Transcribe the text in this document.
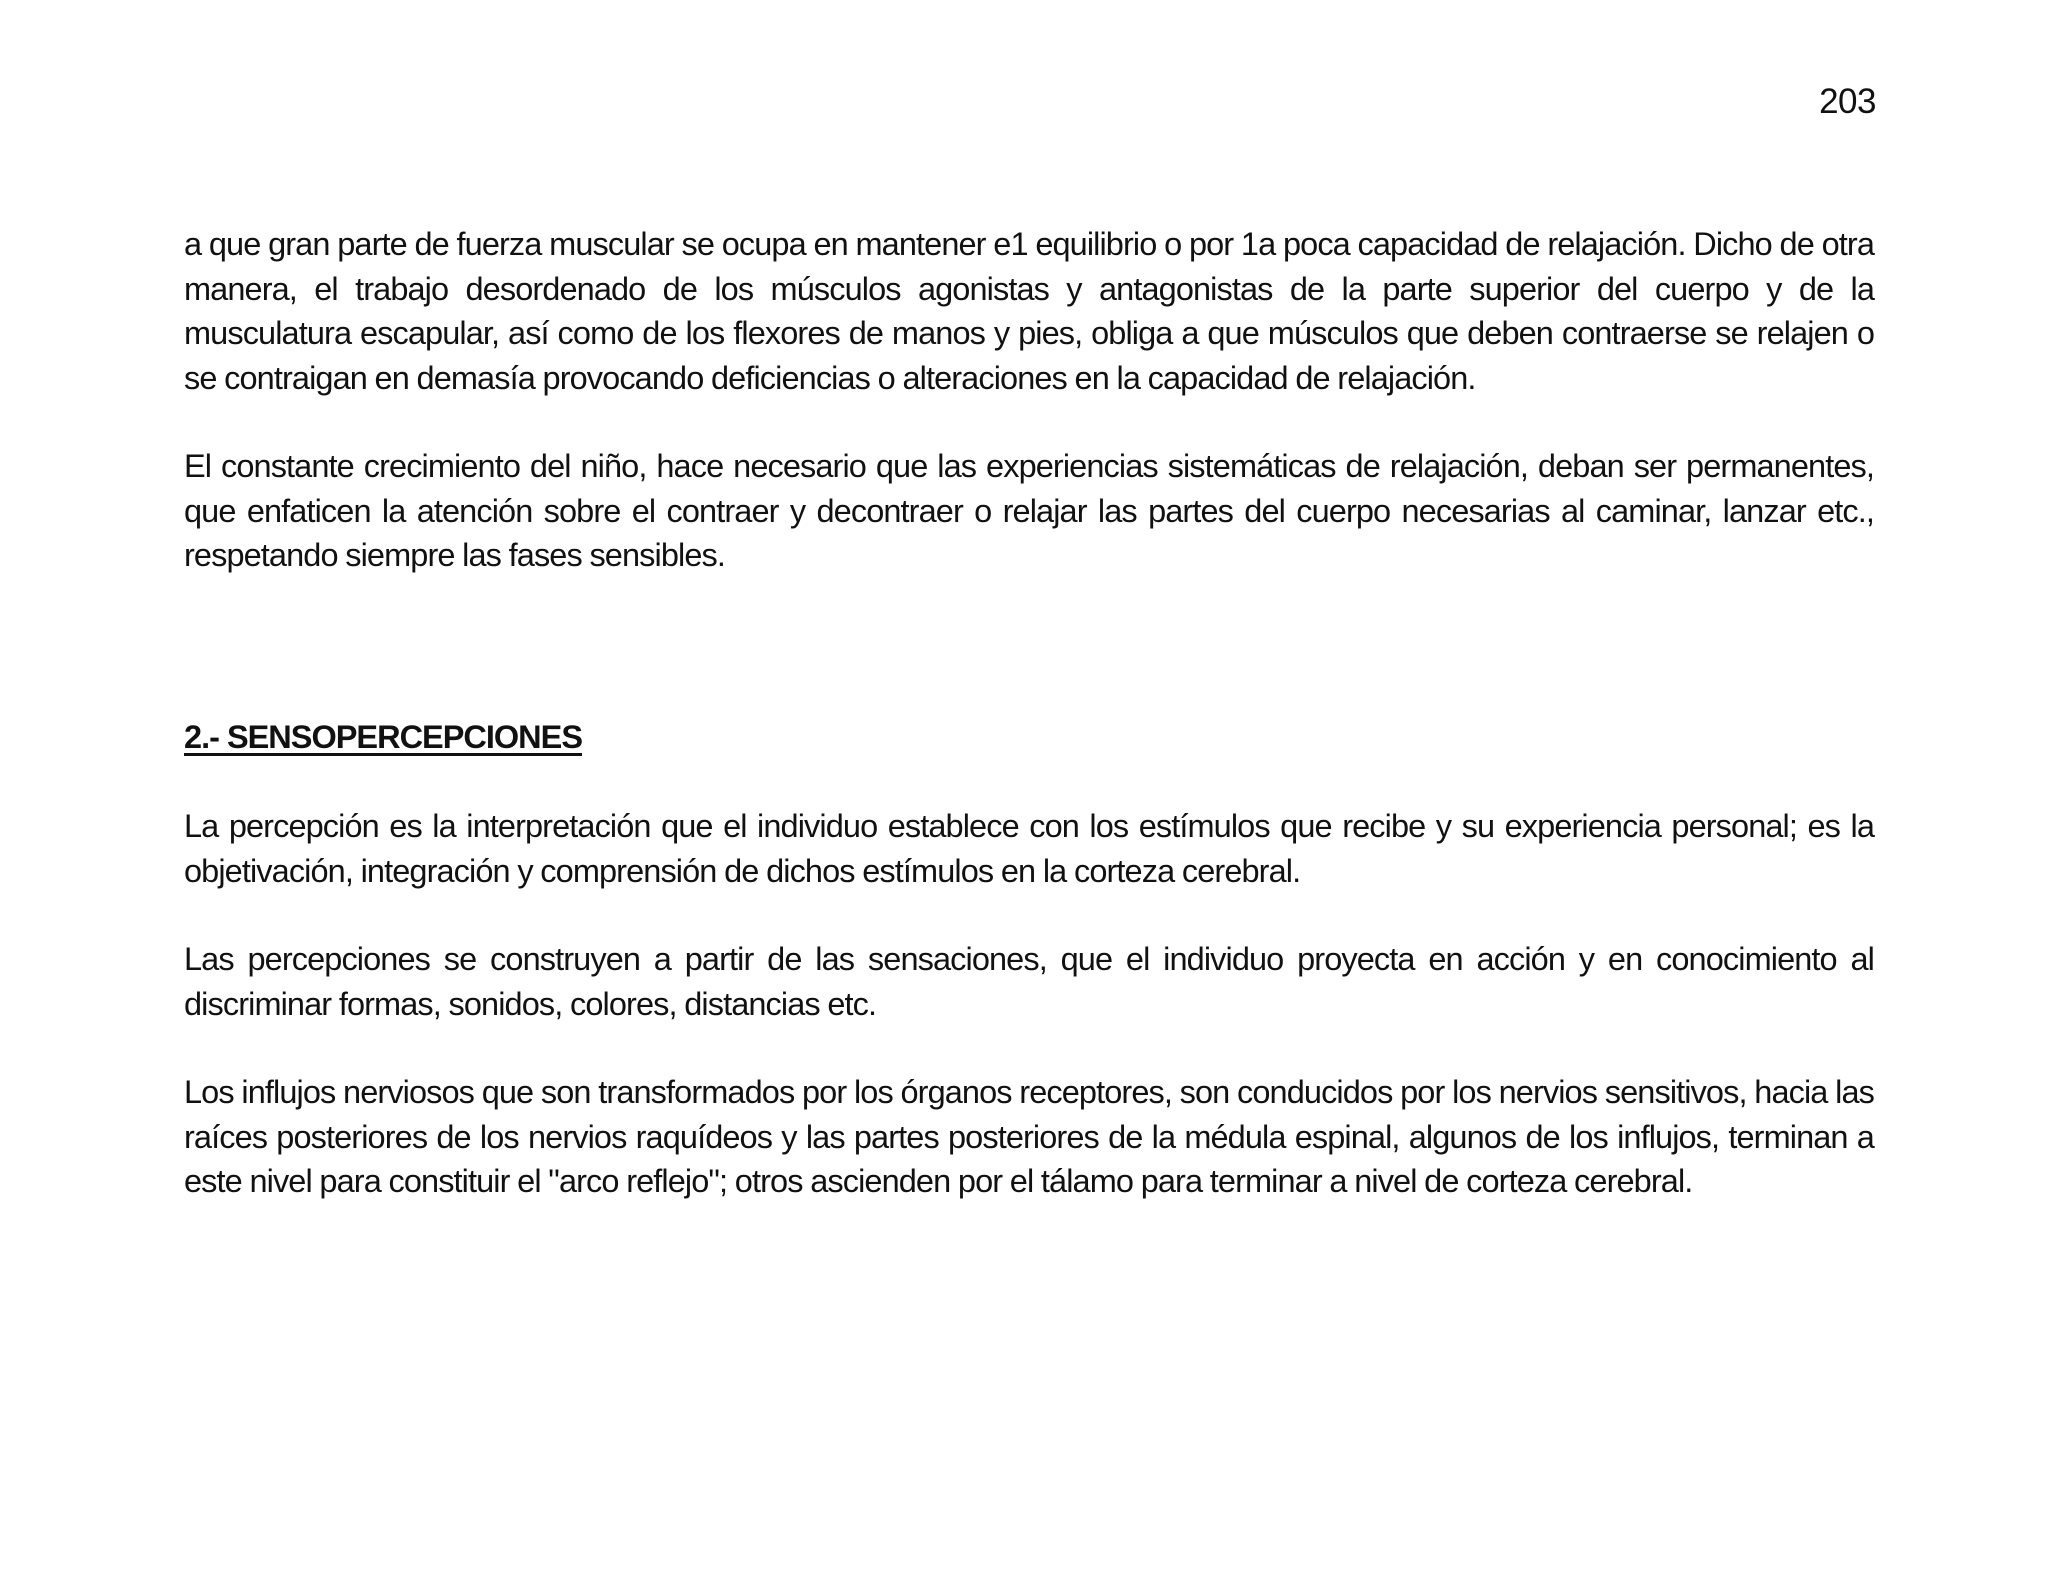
203

a que gran parte de fuerza muscular se ocupa en mantener e1 equilibrio o por 1a poca capacidad de relajación. Dicho de otra manera, el trabajo desordenado de los músculos agonistas y antagonistas de la parte superior del cuerpo y de la musculatura escapular, así como de los flexores de manos y pies, obliga a que músculos que deben contraerse se relajen o se contraigan en demasía provocando deficiencias o alteraciones en la capacidad de relajación.

El constante crecimiento del niño, hace necesario que las experiencias sistemáticas de relajación, deban ser permanentes, que enfaticen la atención sobre el contraer y decontraer o relajar las partes del cuerpo necesarias al caminar, lanzar etc., respetando siempre las fases sensibles.

2.- SENSOPERCEPCIONES

La percepción es la interpretación que el individuo establece con los estímulos que recibe y su experiencia personal; es la objetivación, integración y comprensión de dichos estímulos en la corteza cerebral.

Las percepciones se construyen a partir de las sensaciones, que el individuo proyecta en acción y en conocimiento al discriminar formas, sonidos, colores, distancias etc.

Los influjos nerviosos que son transformados por los órganos receptores, son conducidos por los nervios sensitivos, hacia las raíces posteriores de los nervios raquídeos y las partes posteriores de la médula espinal, algunos de los influjos, terminan a este nivel para constituir el "arco reflejo"; otros ascienden por el tálamo para terminar a nivel de corteza cerebral.
